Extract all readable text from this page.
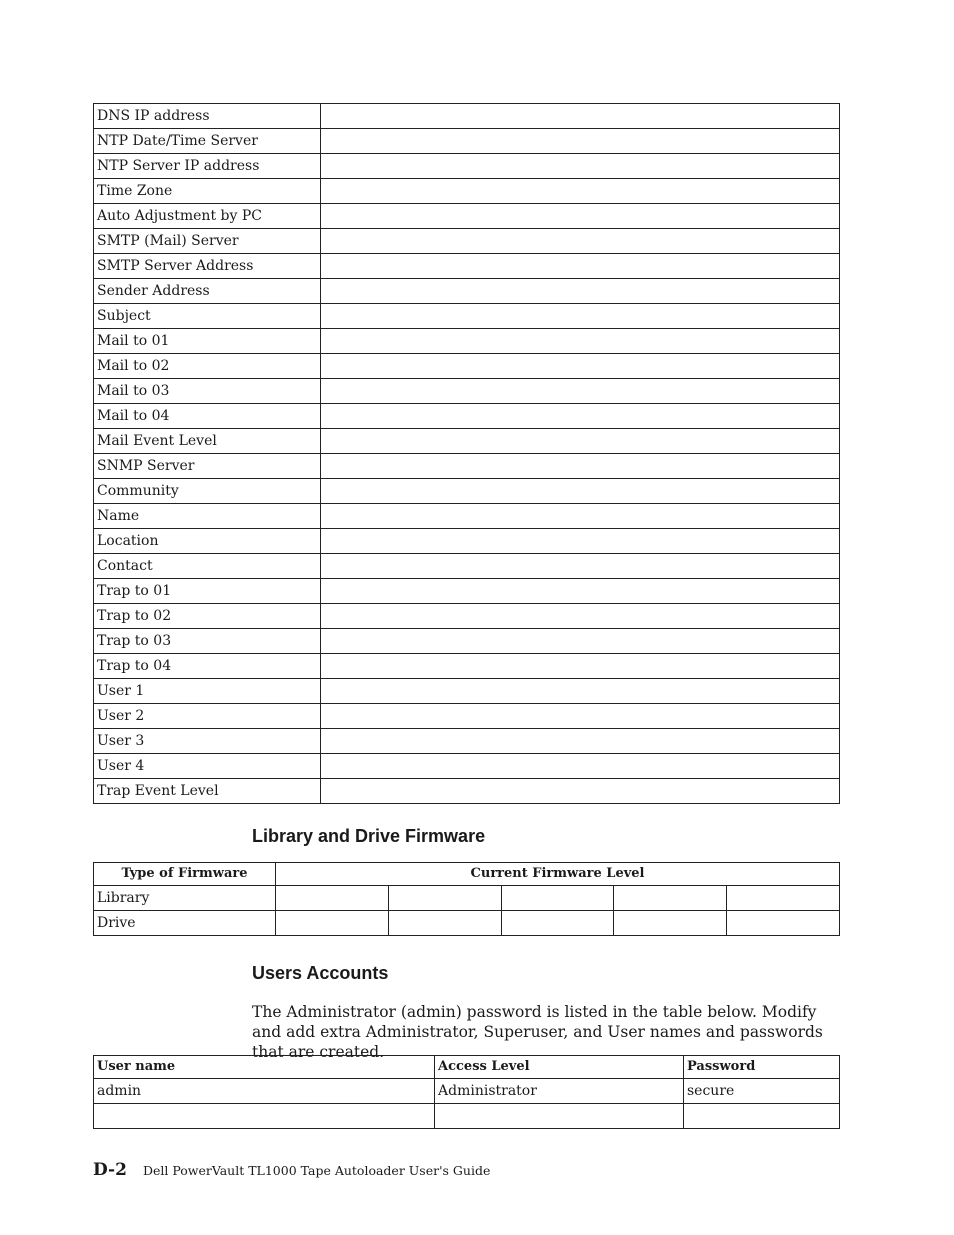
DNS IP address	
NTP Date/Time Server	
NTP Server IP address	
Time Zone	
Auto Adjustment by PC	
SMTP (Mail) Server	
SMTP Server Address	
Sender Address	
Subject	
Mail to 01	
Mail to 02	
Mail to 03	
Mail to 04	
Mail Event Level	
SNMP Server	
Community	
Name	
Location	
Contact	
Trap to 01	
Trap to 02	
Trap to 03	
Trap to 04	
User 1	
User 2	
User 3	
User 4	
Trap Event Level	
Library and Drive Firmware
Type of Firmware	Current Firmware Level				
Library					
Drive					
Users Accounts

The Administrator (admin) password is listed in the table below. Modify and add extra Administrator, Superuser, and User names and passwords that are created.

User name	Access Level	Password
admin	Administrator	secure

D-2 Dell PowerVault TL1000 Tape Autoloader User's Guide
